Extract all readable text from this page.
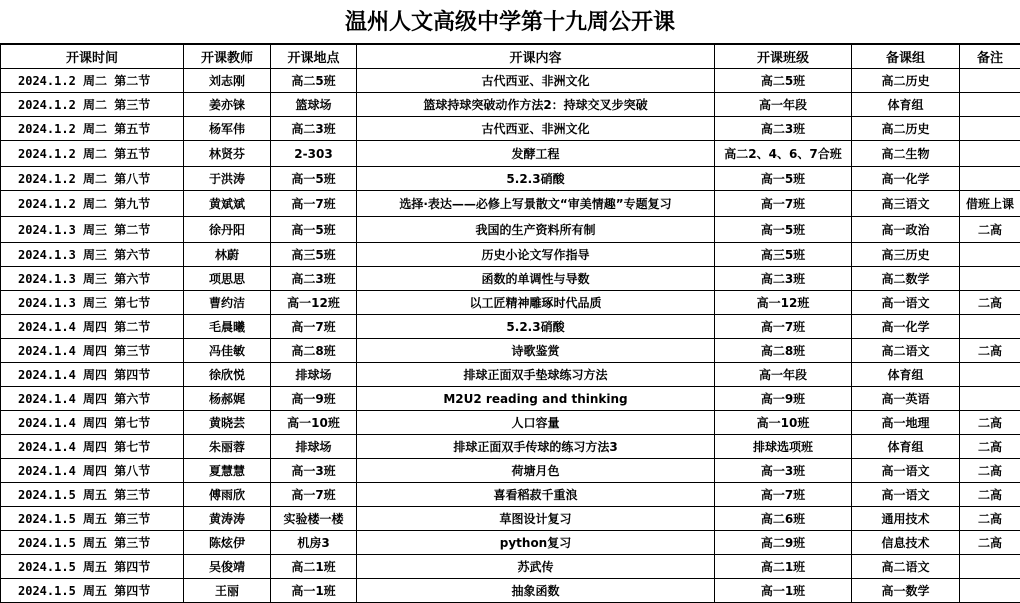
温州人文高级中学第十九周公开课
开课时间	开课教师	开课地点	开课内容	开课班级	备课组	备注
2024.1.2 周二 第二节	刘志刚	高二5班	古代西亚、非洲文化	高二5班	高二历史	
2024.1.2 周二 第三节	姜亦铼	篮球场	篮球持球突破动作方法2：持球交叉步突破	高一年段	体育组	
2024.1.2 周二 第五节	杨军伟	高二3班	古代西亚、非洲文化	高二3班	高二历史	
2024.1.2 周二 第五节	林贤芬	2-303	发酵工程	高二2、4、6、7合班	高二生物	
2024.1.2 周二 第八节	于洪涛	高一5班	5.2.3硝酸	高一5班	高一化学	
2024.1.2 周二 第九节	黄斌斌	高一7班	选择·表达——必修上写景散文“审美情趣”专题复习	高一7班	高三语文	借班上课
2024.1.3 周三 第二节	徐丹阳	高一5班	我国的生产资料所有制	高一5班	高一政治	二高
2024.1.3 周三 第六节	林蔚	高三5班	历史小论文写作指导	高三5班	高三历史	
2024.1.3 周三 第六节	项思思	高二3班	函数的单调性与导数	高二3班	高二数学	
2024.1.3 周三 第七节	曹约洁	高一12班	以工匠精神雕琢时代品质	高一12班	高一语文	二高
2024.1.4 周四 第二节	毛晨曦	高一7班	5.2.3硝酸	高一7班	高一化学	
2024.1.4 周四 第三节	冯佳敏	高二8班	诗歌鉴赏	高二8班	高二语文	二高
2024.1.4 周四 第四节	徐欣悦	排球场	排球正面双手垫球练习方法	高一年段	体育组	
2024.1.4 周四 第六节	杨郝娓	高一9班	M2U2 reading and thinking	高一9班	高一英语	
2024.1.4 周四 第七节	黄晓芸	高一10班	人口容量	高一10班	高一地理	二高
2024.1.4 周四 第七节	朱丽蓉	排球场	排球正面双手传球的练习方法3	排球选项班	体育组	二高
2024.1.4 周四 第八节	夏慧慧	高一3班	荷塘月色	高一3班	高一语文	二高
2024.1.5 周五 第三节	傅雨欣	高一7班	喜看稻菽千重浪	高一7班	高一语文	二高
2024.1.5 周五 第三节	黄涛涛	实验楼一楼	草图设计复习	高二6班	通用技术	二高
2024.1.5 周五 第三节	陈炫伊	机房3	python复习	高二9班	信息技术	二高
2024.1.5 周五 第四节	吴俊靖	高二1班	苏武传	高二1班	高二语文	
2024.1.5 周五 第四节	王丽	高一1班	抽象函数	高一1班	高一数学	
